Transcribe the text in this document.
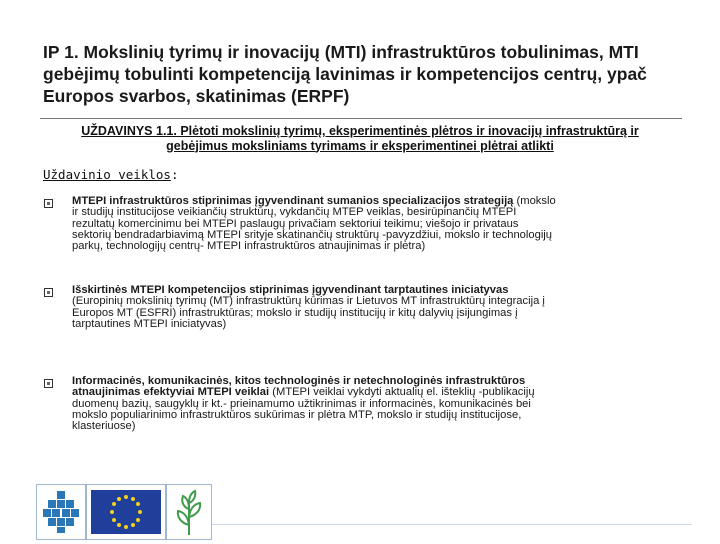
IP 1. Mokslinių tyrimų ir inovacijų (MTI) infrastruktūros tobulinimas, MTI
gebėjimų tobulinti kompetenciją lavinimas ir kompetencijos centrų, ypač
Europos svarbos, skatinimas (ERPF)
UŽDAVINYS 1.1. Plėtoti mokslinių tyrimų, eksperimentinės plėtros ir inovacijų infrastruktūrą ir
gebėjimus moksliniams tyrimams ir eksperimentinei plėtrai atlikti
Uždavinio veiklos:
MTEPI infrastruktūros stiprinimas įgyvendinant sumanios specializacijos strategiją (mokslo
ir studijų institucijose veikiančių struktūrų, vykdančių MTEP veiklas, besirūpinančių MTEPI
rezultatų komercinimu bei MTEPI paslaugų privačiam sektoriui teikimu; viešojo ir privataus
sektorių bendradarbiavimą MTEPI srityje skatinančių struktūrų -pavyzdžiui, mokslo ir technologijų
parkų, technologijų centrų- MTEPI infrastruktūros atnaujinimas ir plėtra)
Išskirtinės MTEPI kompetencijos stiprinimas įgyvendinant tarptautines iniciatyvas
(Europinių mokslinių tyrimų (MT) infrastruktūrų kūrimas ir Lietuvos MT infrastruktūrų integracija į
Europos MT (ESFRI) infrastruktūras; mokslo ir studijų institucijų ir kitų dalyvių įsijungimas į
tarptautines MTEPI iniciatyvas)
Informacinės, komunikacinės, kitos technologinės ir netechnologinės infrastruktūros
atnaujinimas efektyviai MTEPI veiklai (MTEPI veiklai vykdyti aktualių el. išteklių -publikacijų
duomenų bazių, saugyklų ir kt.- prieinamumo užtikrinimas ir informacinės, komunikacinės bei
mokslo populiarinimo infrastruktūros sukūrimas ir plėtra MTP, mokslo ir studijų institucijose,
klasteriuose)
